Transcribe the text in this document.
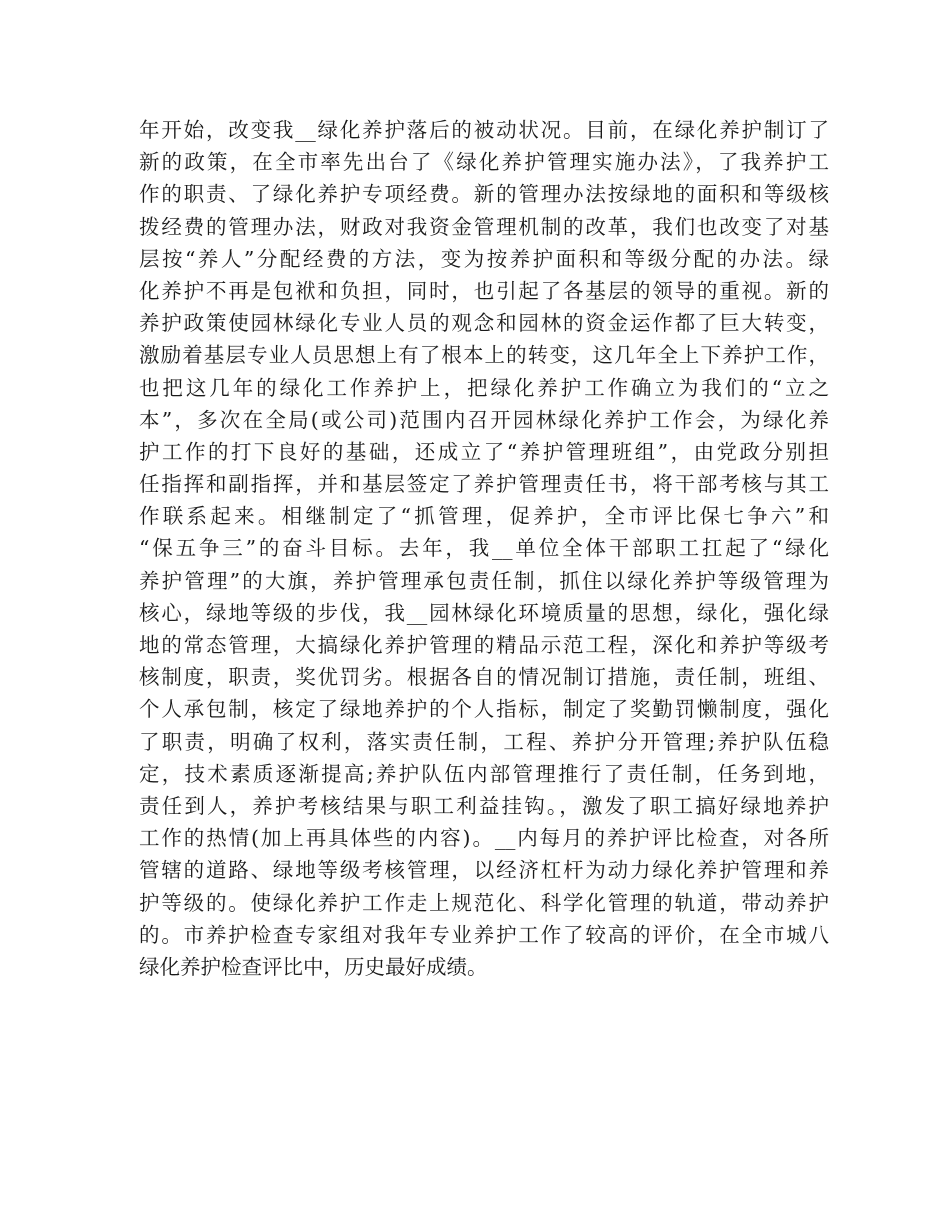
年开始，改变我__绿化养护落后的被动状况。目前，在绿化养护制订了
新的政策，在全市率先出台了《绿化养护管理实施办法》，了我养护工
作的职责、了绿化养护专项经费。新的管理办法按绿地的面积和等级核
拨经费的管理办法，财政对我资金管理机制的改革，我们也改变了对基
层按“养人”分配经费的方法，变为按养护面积和等级分配的办法。绿
化养护不再是包袱和负担，同时，也引起了各基层的领导的重视。新的
养护政策使园林绿化专业人员的观念和园林的资金运作都了巨大转变，
激励着基层专业人员思想上有了根本上的转变，这几年全上下养护工作，
也把这几年的绿化工作养护上，把绿化养护工作确立为我们的“立之
本”，多次在全局(或公司)范围内召开园林绿化养护工作会，为绿化养
护工作的打下良好的基础，还成立了“养护管理班组”，由党政分别担
任指挥和副指挥，并和基层签定了养护管理责任书，将干部考核与其工
作联系起来。相继制定了“抓管理，促养护，全市评比保七争六”和
“保五争三”的奋斗目标。去年，我__单位全体干部职工扛起了“绿化
养护管理”的大旗，养护管理承包责任制，抓住以绿化养护等级管理为
核心，绿地等级的步伐，我__园林绿化环境质量的思想，绿化，强化绿
地的常态管理，大搞绿化养护管理的精品示范工程，深化和养护等级考
核制度，职责，奖优罚劣。根据各自的情况制订措施，责任制，班组、
个人承包制，核定了绿地养护的个人指标，制定了奖勤罚懒制度，强化
了职责，明确了权利，落实责任制，工程、养护分开管理;养护队伍稳
定，技术素质逐渐提高;养护队伍内部管理推行了责任制，任务到地，
责任到人，养护考核结果与职工利益挂钩。，激发了职工搞好绿地养护
工作的热情(加上再具体些的内容)。__内每月的养护评比检查，对各所
管辖的道路、绿地等级考核管理，以经济杠杆为动力绿化养护管理和养
护等级的。使绿化养护工作走上规范化、科学化管理的轨道，带动养护
的。市养护检查专家组对我年专业养护工作了较高的评价，在全市城八
绿化养护检查评比中，历史最好成绩。
